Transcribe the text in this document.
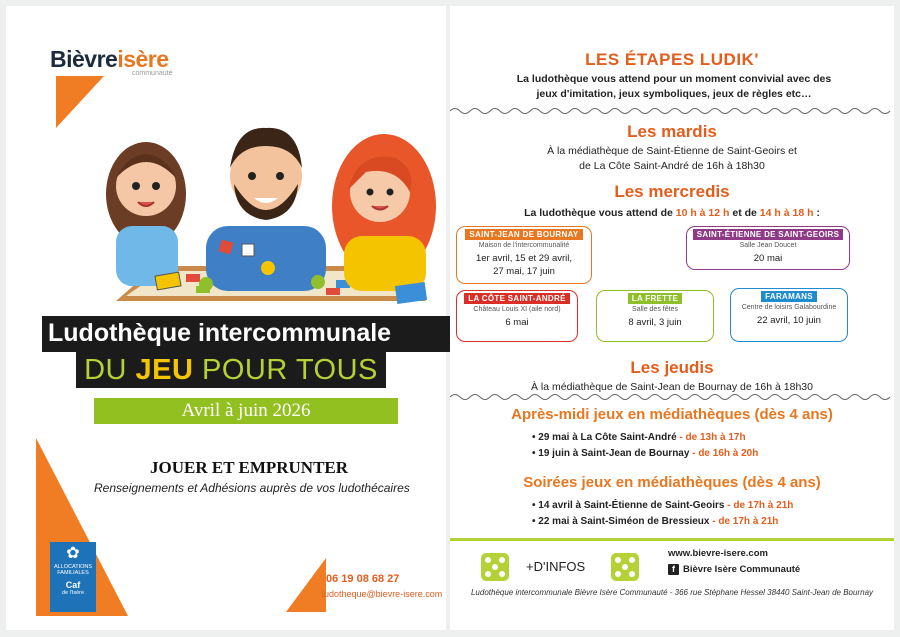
Bièvreisère
communauté
Ludothèque intercommunale
DU JEU POUR TOUS
Avril à juin 2026
JOUER ET EMPRUNTER
Renseignements et Adhésions auprès de vos ludothécaires
✿
ALLOCATIONS
FAMILIALES
Caf
de l'Isère
06 19 08 68 27
ludotheque@bievre-isere.com
LES ÉTAPES LUDIK'
La ludothèque vous attend pour un moment convivial avec des
jeux d'imitation, jeux symboliques, jeux de règles etc…
Les mardis
À la médiathèque de Saint-Étienne de Saint-Geoirs et
de La Côte Saint-André de 16h à 18h30
Les mercredis
La ludothèque vous attend de 10 h à 12 h et de 14 h à 18 h :
SAINT-JEAN DE BOURNAY
Maison de l'intercommunalité
1er avril, 15 et 29 avril,
27 mai, 17 juin
SAINT-ÉTIENNE DE SAINT-GEOIRS
Salle Jean Doucet
20 mai
LA CÔTE SAINT-ANDRÉ
Château Louis XI (aile nord)
6 mai
LA FRETTE
Salle des fêtes
8 avril, 3 juin
FARAMANS
Centre de loisirs Galabourdine
22 avril, 10 juin
Les jeudis
À la médiathèque de Saint-Jean de Bournay de 16h à 18h30
Après-midi jeux en médiathèques (dès 4 ans)
• 29 mai à La Côte Saint-André - de 13h à 17h
• 19 juin à Saint-Jean de Bournay - de 16h à 20h
Soirées jeux en médiathèques (dès 4 ans)
• 14 avril à Saint-Étienne de Saint-Geoirs - de 17h à 21h
• 22 mai à Saint-Siméon de Bressieux - de 17h à 21h
+D'INFOS
www.bievre-isere.com
f Bièvre Isère Communauté
Ludothèque intercommunale Bièvre Isère Communauté - 366 rue Stéphane Hessel 38440 Saint-Jean de Bournay
